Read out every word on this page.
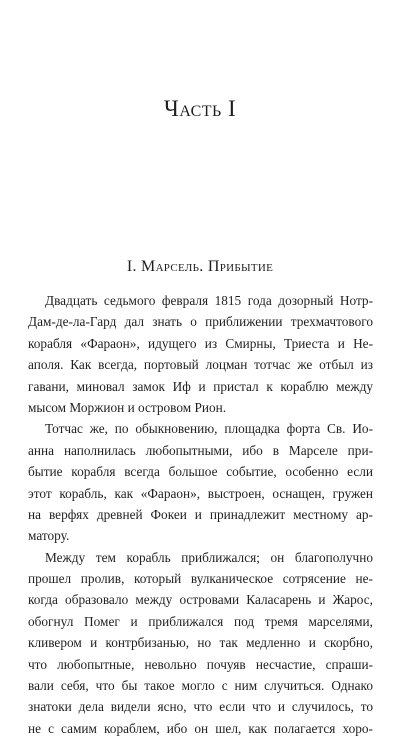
Часть I
I. Марсель. Прибытие

Двадцать седьмого февраля 1815 года дозорный Нотр-
Дам-де-ла-Гард дал знать о приближении трехмачтового
корабля «Фараон», идущего из Смирны, Триеста и Не-
аполя. Как всегда, портовый лоцман тотчас же отбыл из
гавани, миновал замок Иф и пристал к кораблю между
мысом Моржион и островом Рион.

Тотчас же, по обыкновению, площадка форта Св. Ио-
анна наполнилась любопытными, ибо в Марселе при-
бытие корабля всегда большое событие, особенно если
этот корабль, как «Фараон», выстроен, оснащен, гружен
на верфях древней Фокеи и принадлежит местному ар-
матору.

Между тем корабль приближался; он благополучно
прошел пролив, который вулканическое сотрясение не-
когда образовало между островами Каласарень и Жарос,
обогнул Помег и приближался под тремя марселями,
кливером и контрбизанью, но так медленно и скорбно,
что любопытные, невольно почуяв несчастие, спраши-
вали себя, что бы такое могло с ним случиться. Однако
знатоки дела видели ясно, что если что и случилось, то
не с самим кораблем, ибо он шел, как полагается хоро-
